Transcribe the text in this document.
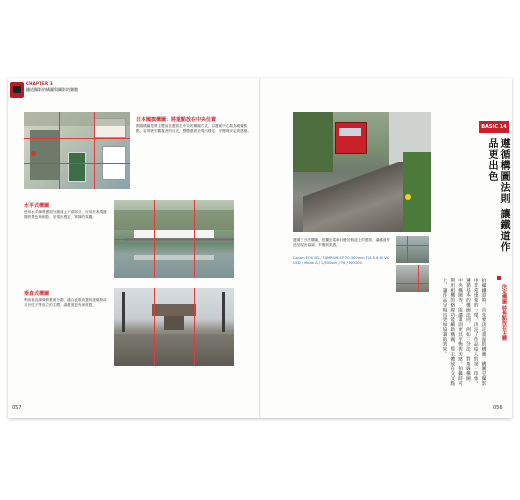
CHAPTER 3
鐵道攝影的構圖與攝影的樂趣
日本國旗構圖：將重點放在中央位置
國旗構圖是將主體放在畫面正中央的構圖方式，以畫面中心做為視覺焦點，容易吸引觀賞者的目光，整體畫面呈現出穩定、平衡與安定的感覺。
水平式構圖
使用水平線將畫面分割成上下兩部分，可用於表現遼闊的景色與倒影，呈現出穩定、寧靜的氛圍。
垂直式構圖
利用垂直線條將畫面分割，適合表現高聳的建築物或月台柱子等直立的主體，讓畫面更有深度感。
057
遵循三分法構圖，拍攝出電車行駛於軌道上的畫面，讓鐵道作品呈現出協調、平衡與美感。
Canon EOS 5D / TAMRON SP 70-300mm F/4-5.6 Di VC USD / Mode A / 1/500sec / F8 / ISO100
BASIC 14
遵循構圖法則 讓鐵道作品更出色
決定構圖 將焦點放在主體
拍攝鐵道時，首先要決定畫面的構圖。構圖是攝影中非常重要的一環，決定了作品給人的第一印象。遵循基本的構圖法則，例如三分法、對角線構圖、中央構圖等，能讓畫面更具平衡與美感。拍攝時可利用相機的格線功能輔助構圖，將主體放在交叉點上，讓作品呈現出更加協調的效果。
056
